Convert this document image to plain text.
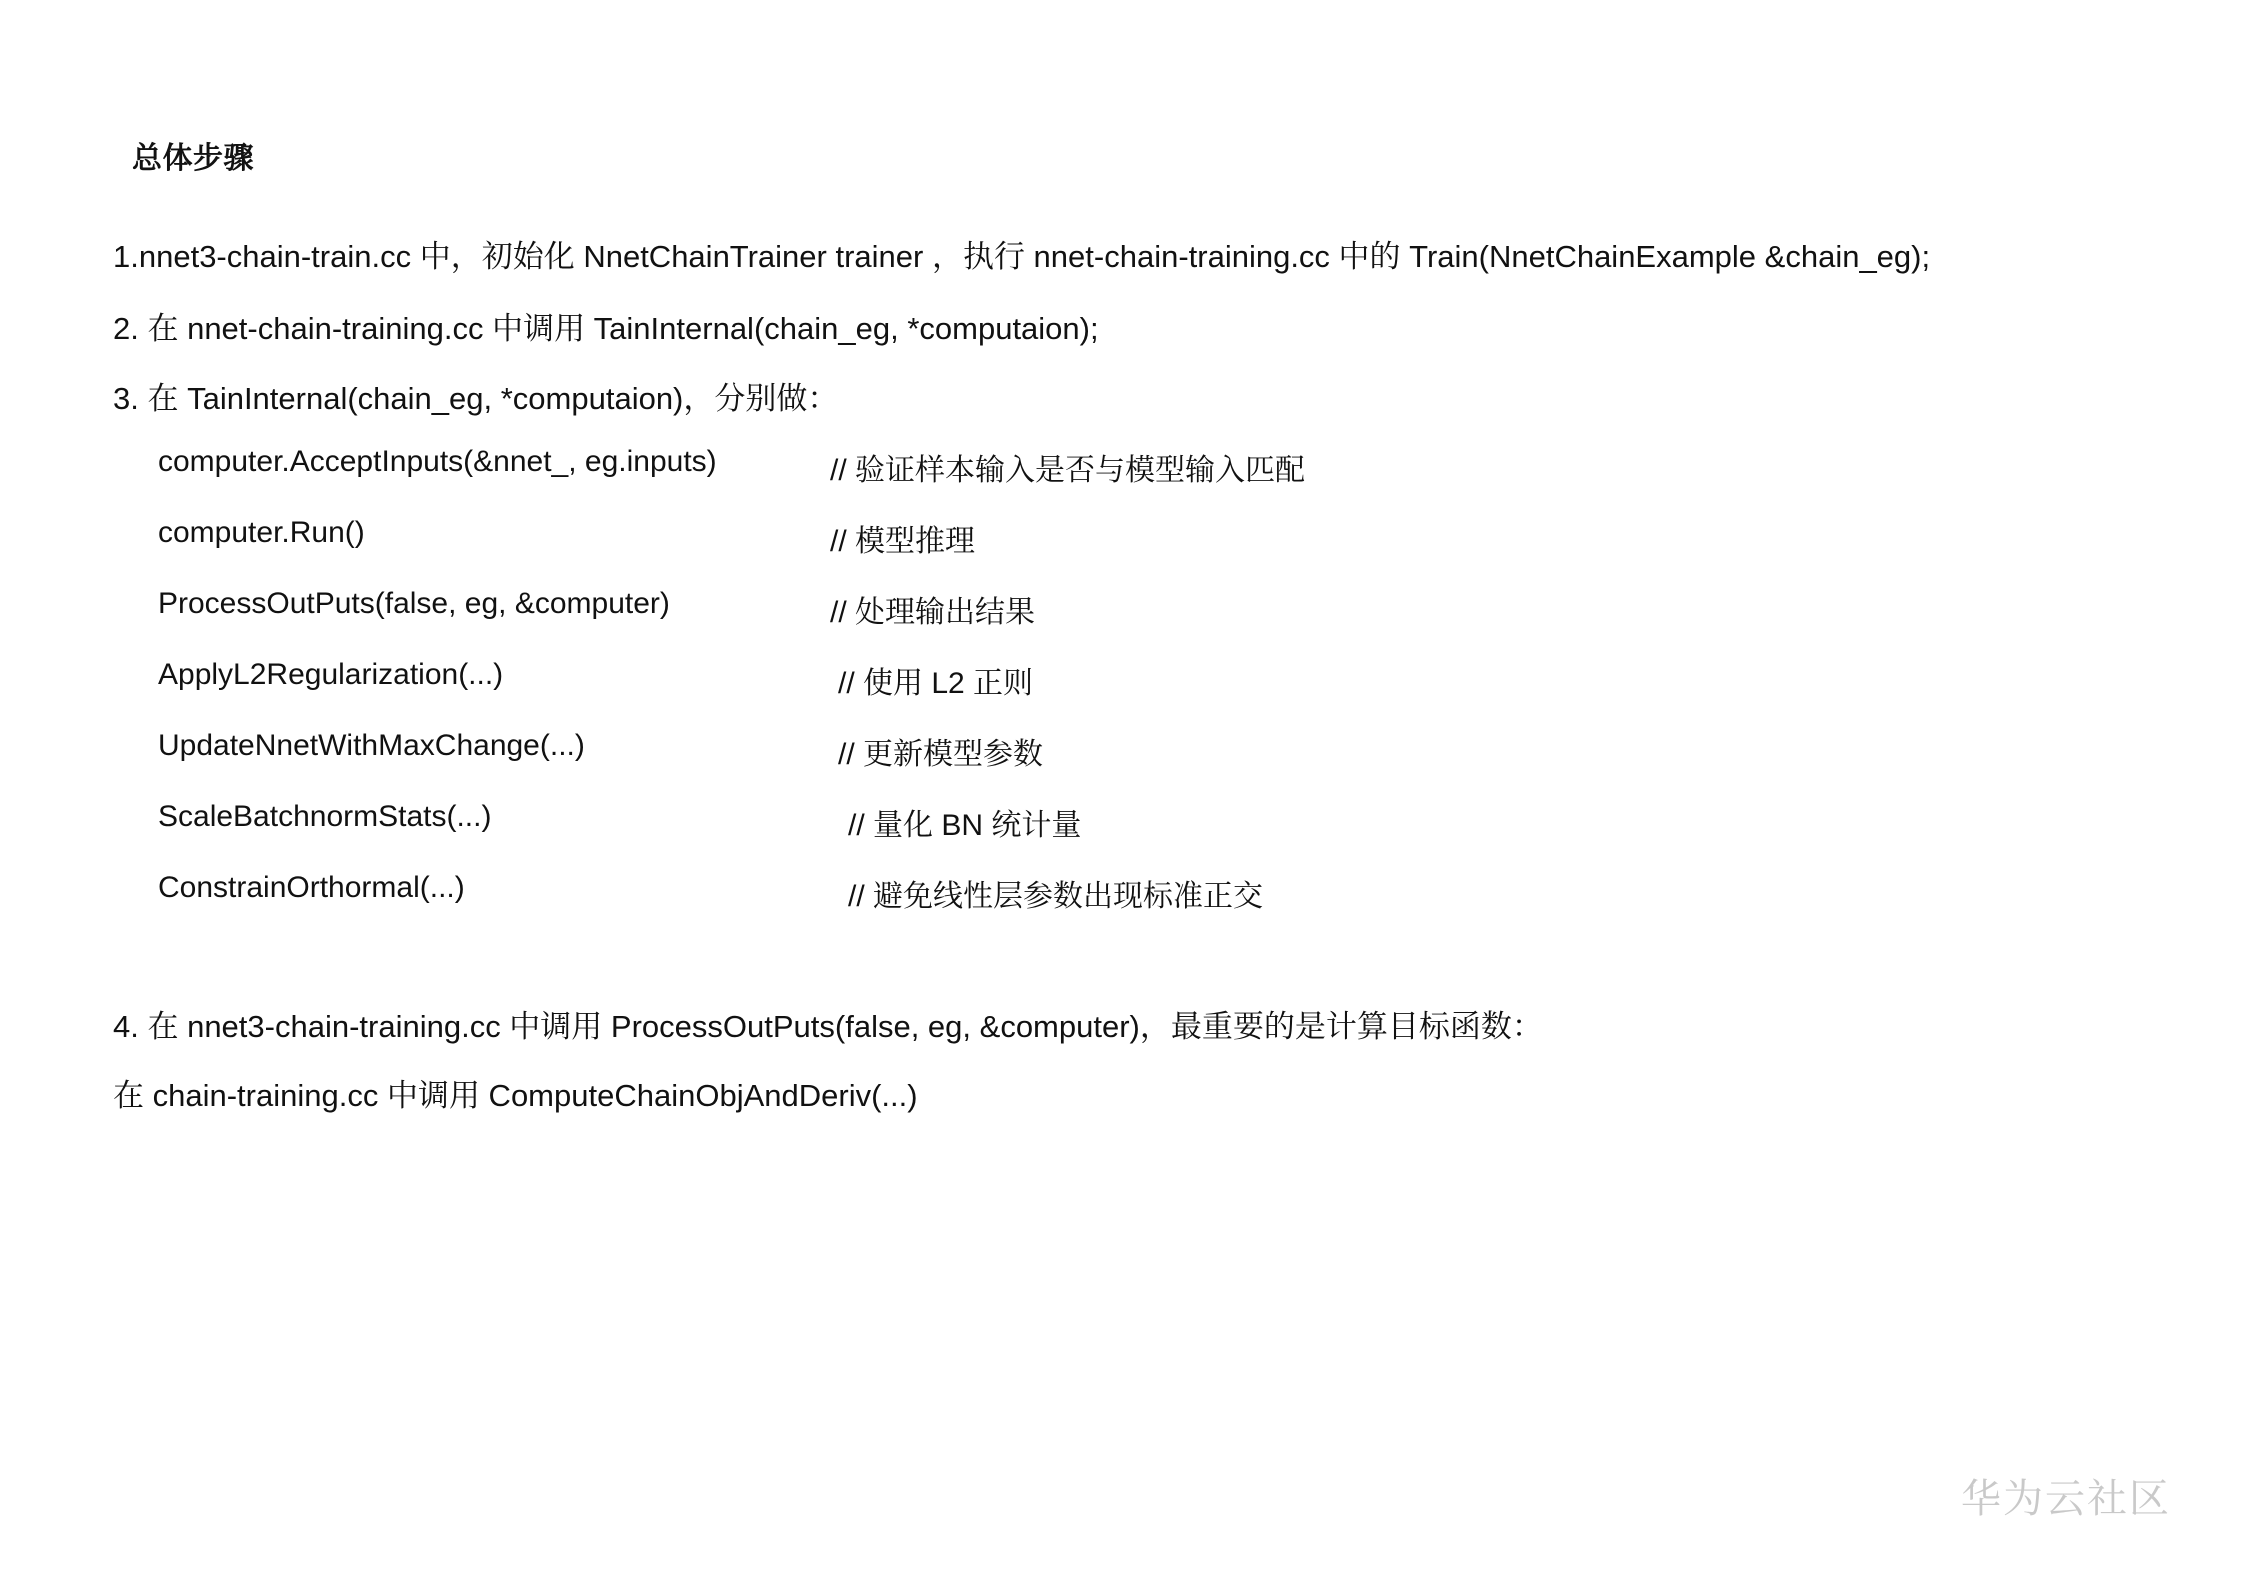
总体步骤
1.nnet3-chain-train.cc 中，初始化 NnetChainTrainer trainer ，执行 nnet-chain-training.cc 中的 Train(NnetChainExample &chain_eg);
2. 在 nnet-chain-training.cc 中调用 TainInternal(chain_eg, *computaion);
3. 在 TainInternal(chain_eg, *computaion)，分别做：
computer.AcceptInputs(&nnet_, eg.inputs)	// 验证样本输入是否与模型输入匹配
computer.Run()	// 模型推理
ProcessOutPuts(false, eg, &computer)	// 处理输出结果
ApplyL2Regularization(...)	// 使用 L2 正则
UpdateNnetWithMaxChange(...)	// 更新模型参数
ScaleBatchnormStats(...)	// 量化 BN 统计量
ConstrainOrthormal(...)	// 避免线性层参数出现标准正交
4. 在 nnet3-chain-training.cc 中调用 ProcessOutPuts(false, eg, &computer)，最重要的是计算目标函数：
在 chain-training.cc 中调用 ComputeChainObjAndDeriv(...)
华为云社区
